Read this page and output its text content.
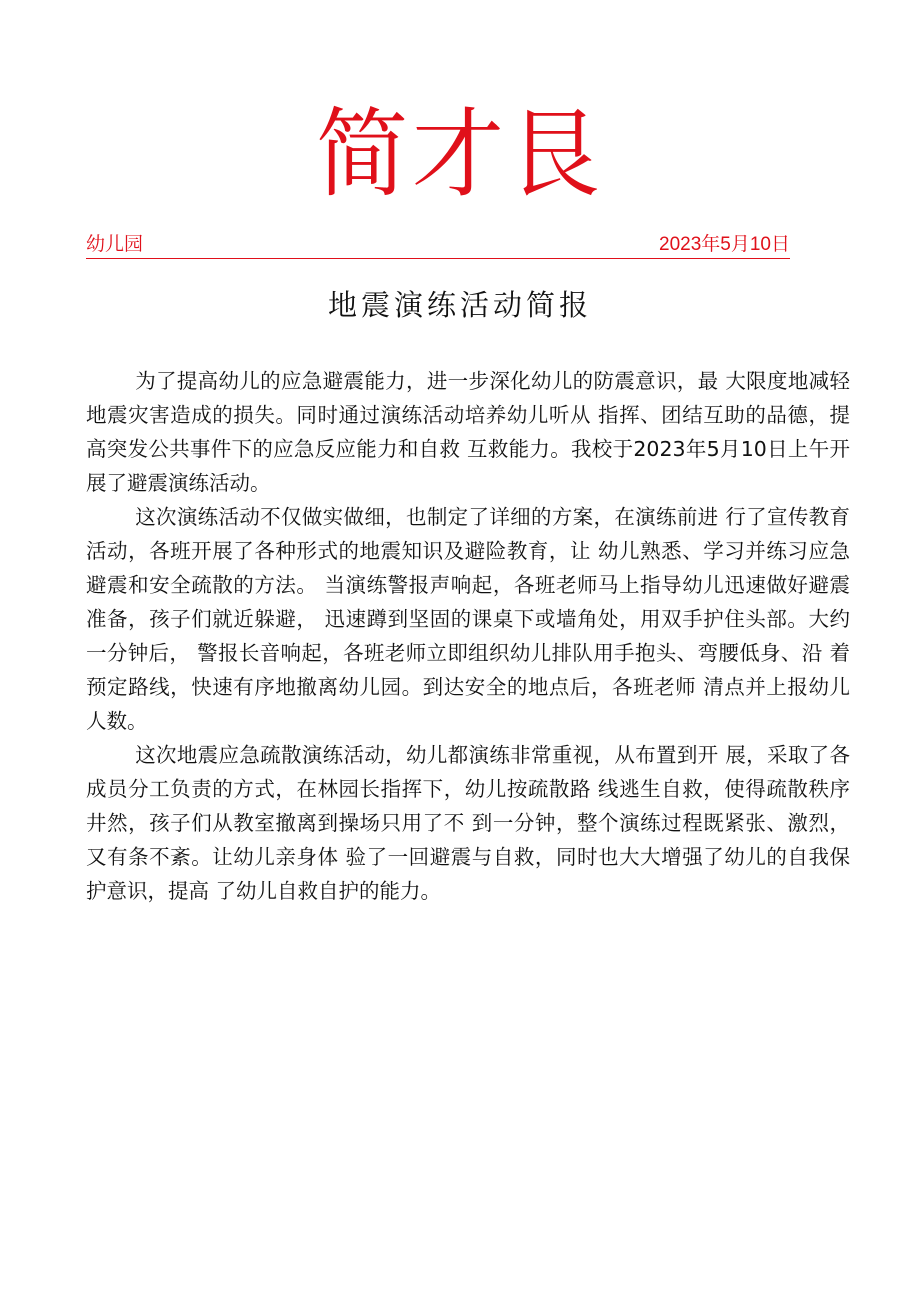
简才艮
幼儿园	2023年5月10日
地震演练活动简报

为了提高幼儿的应急避震能力，进一步深化幼儿的防震意识，最 大限度地减轻地震灾害造成的损失。同时通过演练活动培养幼儿听从 指挥、团结互助的品德，提高突发公共事件下的应急反应能力和自救 互救能力。我校于2023年5月10日上午开展了避震演练活动。

这次演练活动不仅做实做细，也制定了详细的方案，在演练前进 行了宣传教育活动，各班开展了各种形式的地震知识及避险教育，让 幼儿熟悉、学习并练习应急避震和安全疏散的方法。 当演练警报声响起，各班老师马上指导幼儿迅速做好避震准备，孩子们就近躲避， 迅速蹲到坚固的课桌下或墙角处，用双手护住头部。大约一分钟后， 警报长音响起，各班老师立即组织幼儿排队用手抱头、弯腰低身、沿 着预定路线，快速有序地撤离幼儿园。到达安全的地点后，各班老师 清点并上报幼儿人数。

这次地震应急疏散演练活动，幼儿都演练非常重视，从布置到开 展，采取了各成员分工负责的方式，在林园长指挥下，幼儿按疏散路 线逃生自救，使得疏散秩序井然，孩子们从教室撤离到操场只用了不 到一分钟，整个演练过程既紧张、激烈，又有条不紊。让幼儿亲身体 验了一回避震与自救，同时也大大增强了幼儿的自我保护意识，提高 了幼儿自救自护的能力。
